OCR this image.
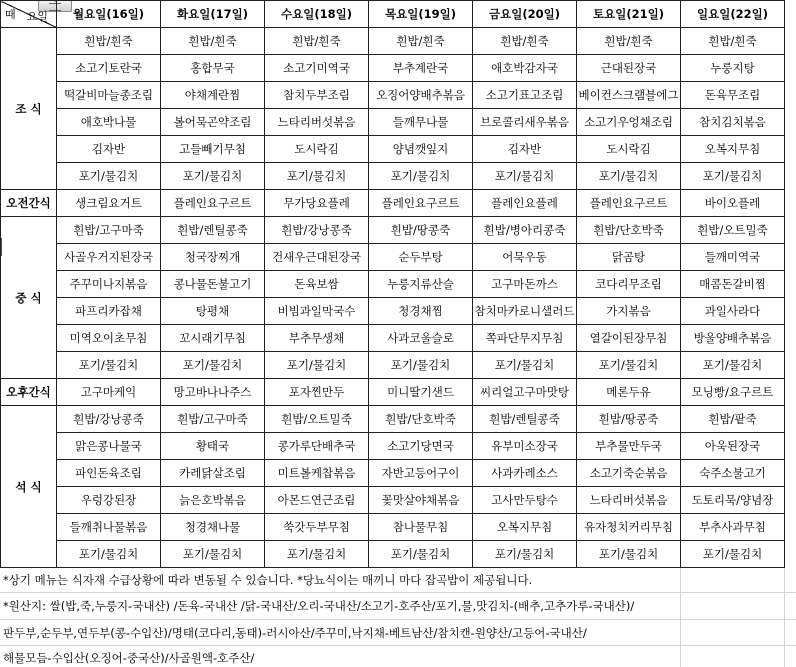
요일
때	월요일(16일)	화요일(17일)	수요일(18일)	목요일(19일)	금요일(20일)	토요일(21일)	일요일(22일)
조 식	흰밥/흰죽	흰밥/흰죽	흰밥/흰죽	흰밥/흰죽	흰밥/흰죽	흰밥/흰죽	흰밥/흰죽
	소고기토란국	홍합무국	소고기미역국	부추계란국	애호박감자국	근대된장국	누룽지탕
	떡갈비마늘종조림	야채계란찜	참치두부조림	오징어양배추볶음	소고기표고조림	베이컨스크램블에그	돈육무조림
	애호박나물	볼어묵곤약조림	느타리버섯볶음	들깨무나물	브로콜리새우볶음	소고기우엉채조림	참치김치볶음
	김자반	고들빼기무침	도시락김	양념깻잎지	김자반	도시락김	오복지무침
	포기/물김치	포기/물김치	포기/물김치	포기/물김치	포기/물김치	포기/물김치	포기/물김치
오전간식	생크림요거트	플레인요구르트	무가당요플레	플레인요구르트	플레인요플레	플레인요구르트	바이오플레
중 식	흰밥/고구마죽	흰밥/렌틸콩죽	흰밥/강낭콩죽	흰밥/땅콩죽	흰밥/병아리콩죽	흰밥/단호박죽	흰밥/오트밀죽
	사골우거지된장국	청국장찌개	건새우근대된장국	순두부탕	어묵우동	닭곰탕	들깨미역국
	주꾸미나지볶음	콩나물돈불고기	돈육보쌈	누룽지류산슬	고구마돈까스	코다리무조림	매콤돈갈비찜
	파프리카잡채	탕평채	비빔과일막국수	청경채찜	참치마카로니샐러드	가지볶음	과일사라다
	미역오이초무침	꼬시래기무침	부추무생채	사과코울슬로	쪽파단무지무침	열갈이된장무침	방울양배추볶음
	포기/물김치	포기/물김치	포기/물김치	포기/물김치	포기/물김치	포기/물김치	포기/물김치
오후간식	고구마케익	망고바나나주스	포자찐만두	미니딸기샌드	씨리얼고구마맛탕	메론두유	모닝빵/요구르트
석 식	흰밥/강낭콩죽	흰밥/고구마죽	흰밥/오트밀죽	흰밥/단호박죽	흰밥/렌틸콩죽	흰밥/땅콩죽	흰밥/팥죽
	맑은콩나물국	황태국	콩가루단배추국	소고기당면국	유부미소장국	부추물만두국	아욱된장국
	파인돈육조림	카레닭살조림	미트볼케찹볶음	자반고등어구이	사과카레소스	소고기죽순볶음	숙주소불고기
	우렁강된장	늙은호박볶음	아몬드연근조림	꽃맛살야채볶음	고사만두탕수	느타리버섯볶음	도토리묵/양념장
	들깨취나물볶음	청경채나물	쑥갓두부무침	참나물무침	오복지무침	유자청치커리무침	부추사과무침
	포기/물김치	포기/물김치	포기/물김치	포기/물김치	포기/물김치	포기/물김치	포기/물김치
*상기 메뉴는 식자재 수급상황에 따라 변동될 수 있습니다. *당뇨식이는 매끼니 마다 잡곡밥이 제공됩니다.
*원산지: 쌀(밥,죽,누룽지-국내산) /돈육-국내산 /닭-국내산/오리-국내산/소고기-호주산/포기,물,맛김치-(배추,고추가루-국내산)/
판두부,순두부,연두부(콩-수입산)/명태(코다리,동태)-러시아산/주꾸미,낙지채-베트남산/참치캔-원양산/고등어-국내산/
해물모듬-수입산(오징어-중국산)/사골원액-호주산/
